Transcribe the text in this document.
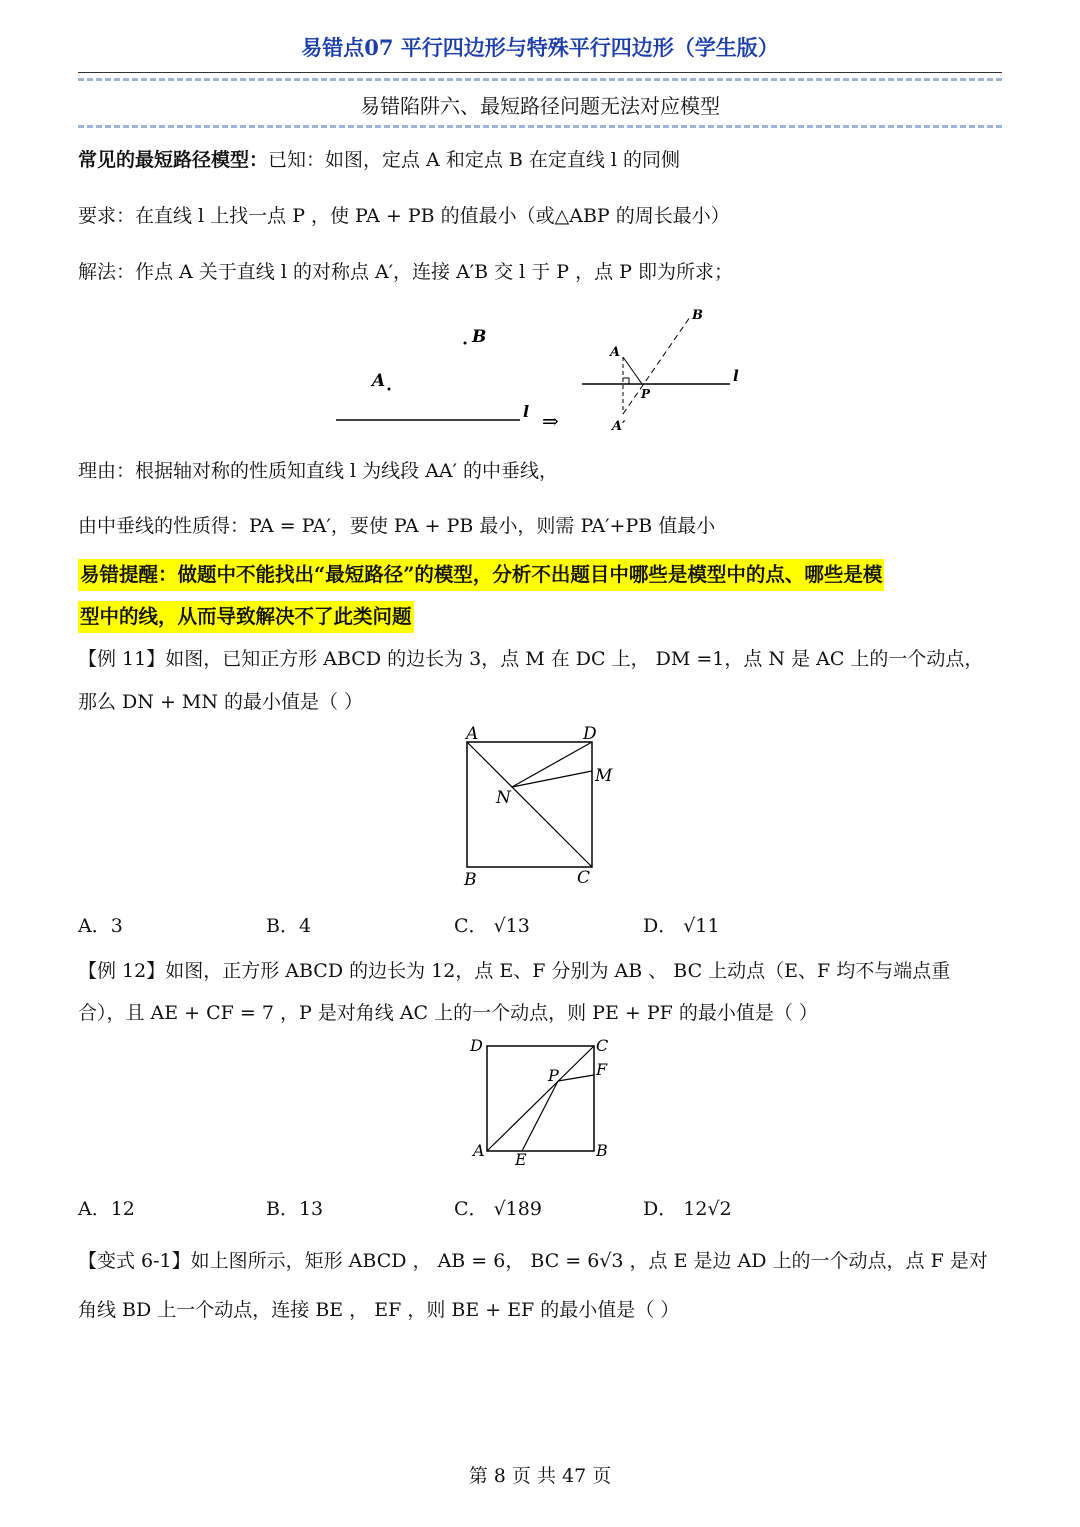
易错点07 平行四边形与特殊平行四边形（学生版）
易错陷阱六、最短路径问题无法对应模型
常见的最短路径模型：已知：如图，定点 A 和定点 B 在定直线 l 的同侧
要求：在直线 l 上找一点 P ，使 PA + PB 的值最小（或△ABP 的周长最小）
解法：作点 A 关于直线 l 的对称点 A′，连接 A′B 交 l 于 P ，点 P 即为所求；
B
A
l ⇒
l
A
B
P
A′
理由：根据轴对称的性质知直线 l 为线段 AA′ 的中垂线，
由中垂线的性质得：PA = PA′，要使 PA + PB 最小，则需 PA′+PB 值最小
易错提醒：做题中不能找出“最短路径”的模型，分析不出题目中哪些是模型中的点、哪些是模
型中的线，从而导致解决不了此类问题
【例 11】如图，已知正方形 ABCD 的边长为 3，点 M 在 DC 上， DM =1，点 N 是 AC 上的一个动点，
那么 DN + MN 的最小值是（ ）
A	D
M
N
B	C
A．3	B．4	C． √13	D． √11
【例 12】如图，正方形 ABCD 的边长为 12，点 E、F 分别为 AB 、 BC 上动点（E、F 均不与端点重
合），且 AE + CF = 7 ，P 是对角线 AC 上的一个动点，则 PE + PF 的最小值是（ ）
D	C
F
P
A	B
E
A．12	B．13	C． √189	D． 12√2
【变式 6-1】如上图所示，矩形 ABCD ， AB = 6， BC = 6√3 ，点 E 是边 AD 上的一个动点，点 F 是对
角线 BD 上一个动点，连接 BE ， EF ，则 BE + EF 的最小值是（ ）
第 8 页 共 47 页
